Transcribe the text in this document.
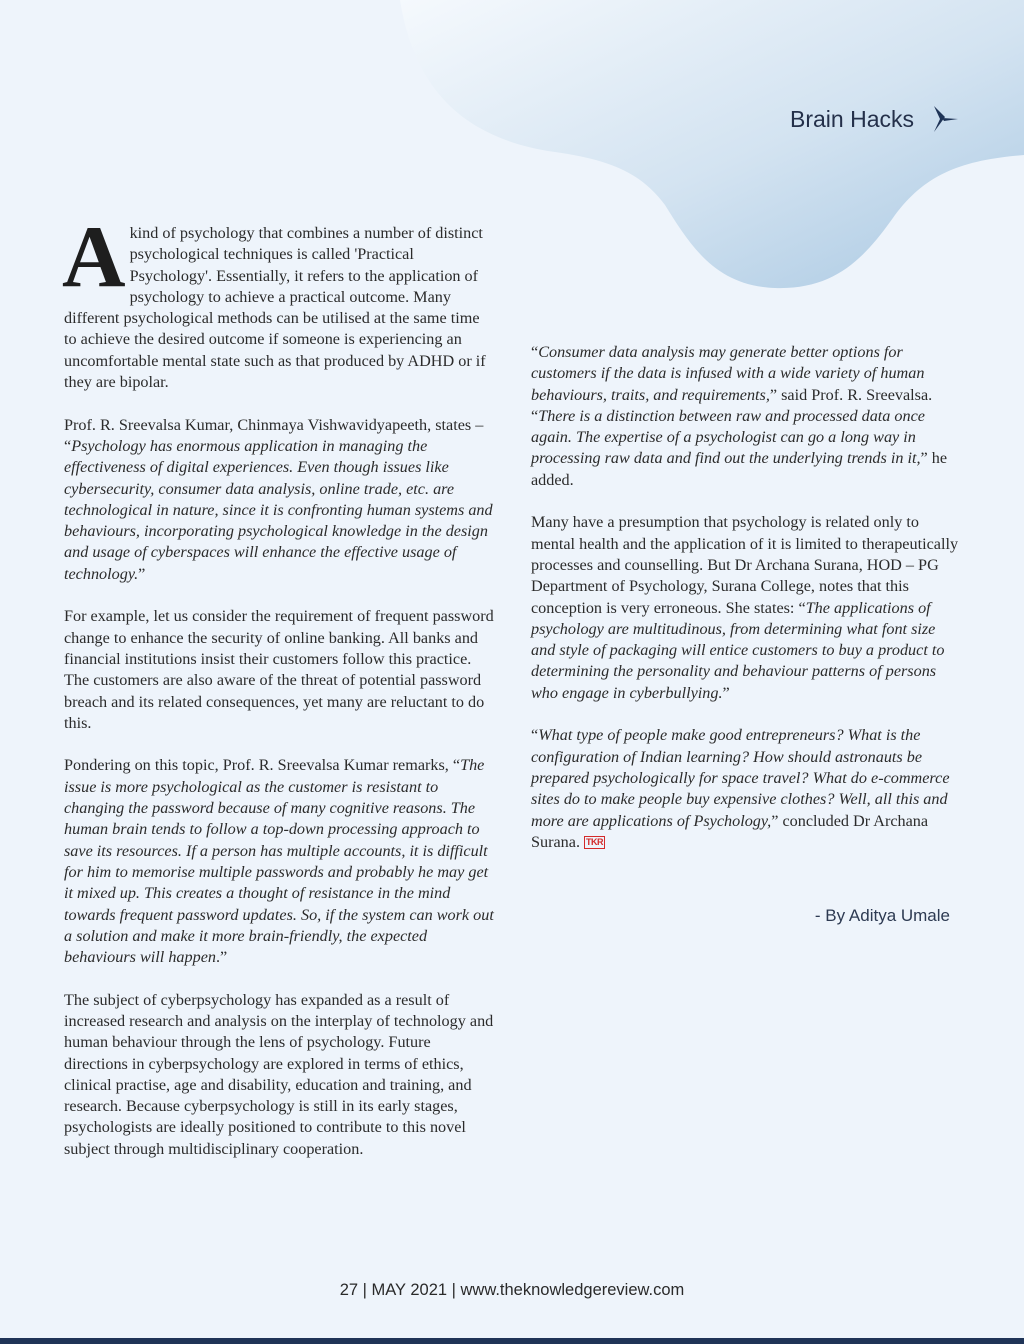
Brain Hacks

Akind of psychology that combines a number of distinct psychological techniques is called 'Practical Psychology'. Essentially, it refers to the application of psychology to achieve a practical outcome. Many different psychological methods can be utilised at the same time to achieve the desired outcome if someone is experiencing an uncomfortable mental state such as that produced by ADHD or if they are bipolar.

Prof. R. Sreevalsa Kumar, Chinmaya Vishwavidyapeeth, states – “Psychology has enormous application in managing the effectiveness of digital experiences. Even though issues like cybersecurity, consumer data analysis, online trade, etc. are technological in nature, since it is confronting human systems and behaviours, incorporating psychological knowledge in the design and usage of cyberspaces will enhance the effective usage of technology.”

For example, let us consider the requirement of frequent password change to enhance the security of online banking. All banks and financial institutions insist their customers follow this practice. The customers are also aware of the threat of potential password breach and its related consequences, yet many are reluctant to do this.

Pondering on this topic, Prof. R. Sreevalsa Kumar remarks, “The issue is more psychological as the customer is resistant to changing the password because of many cognitive reasons. The human brain tends to follow a top-down processing approach to save its resources. If a person has multiple accounts, it is difficult for him to memorise multiple passwords and probably he may get it mixed up. This creates a thought of resistance in the mind towards frequent password updates. So, if the system can work out a solution and make it more brain-friendly, the expected behaviours will happen.”

The subject of cyberpsychology has expanded as a result of increased research and analysis on the interplay of technology and human behaviour through the lens of psychology. Future directions in cyberpsychology are explored in terms of ethics, clinical practise, age and disability, education and training, and research. Because cyberpsychology is still in its early stages, psychologists are ideally positioned to contribute to this novel subject through multidisciplinary cooperation.

“Consumer data analysis may generate better options for customers if the data is infused with a wide variety of human behaviours, traits, and requirements,” said Prof. R. Sreevalsa. “There is a distinction between raw and processed data once again. The expertise of a psychologist can go a long way in processing raw data and find out the underlying trends in it,” he added.

Many have a presumption that psychology is related only to mental health and the application of it is limited to therapeutically processes and counselling. But Dr Archana Surana, HOD – PG Department of Psychology, Surana College, notes that this conception is very erroneous. She states: “The applications of psychology are multitudinous, from determining what font size and style of packaging will entice customers to buy a product to determining the personality and behaviour patterns of persons who engage in cyberbullying.”

“What type of people make good entrepreneurs? What is the configuration of Indian learning? How should astronauts be prepared psychologically for space travel? What do e-commerce sites do to make people buy expensive clothes? Well, all this and more are applications of Psychology,” concluded Dr Archana Surana. TKR

- By Aditya Umale
27 | MAY 2021 | www.theknowledgereview.com
